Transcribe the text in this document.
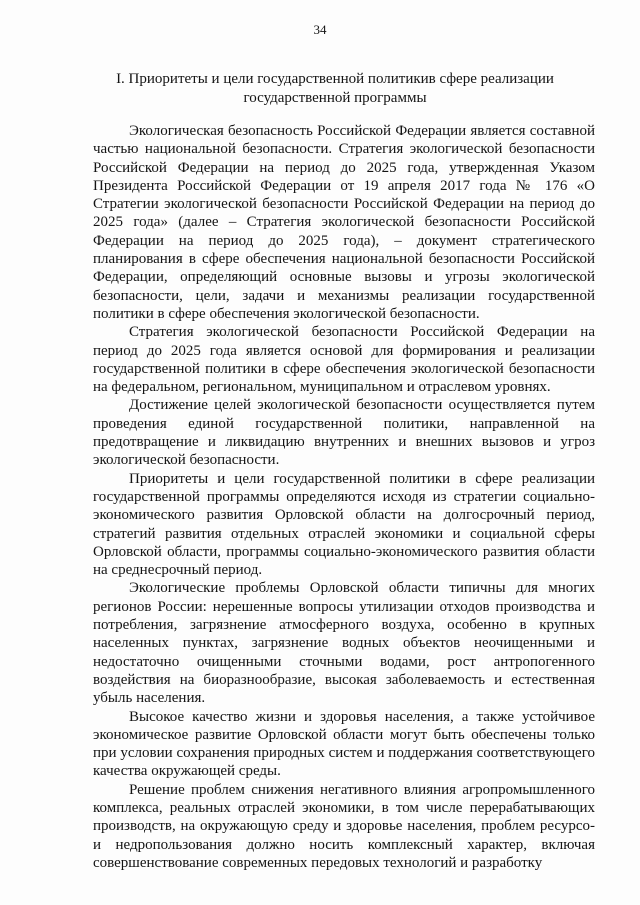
34
I. Приоритеты и цели государственной политикив сфере реализации государственной программы

Экологическая безопасность Российской Федерации является составной частью национальной безопасности. Стратегия экологической безопасности Российской Федерации на период до 2025 года, утвержденная Указом Президента Российской Федерации от 19 апреля 2017 года № 176 «О Стратегии экологической безопасности Российской Федерации на период до 2025 года» (далее – Стратегия экологической безопасности Российской Федерации на период до 2025 года), – документ стратегического планирования в сфере обеспечения национальной безопасности Российской Федерации, определяющий основные вызовы и угрозы экологической безопасности, цели, задачи и механизмы реализации государственной политики в сфере обеспечения экологической безопасности.

Стратегия экологической безопасности Российской Федерации на период до 2025 года является основой для формирования и реализации государственной политики в сфере обеспечения экологической безопасности на федеральном, региональном, муниципальном и отраслевом уровнях.

Достижение целей экологической безопасности осуществляется путем проведения единой государственной политики, направленной на предотвращение и ликвидацию внутренних и внешних вызовов и угроз экологической безопасности.

Приоритеты и цели государственной политики в сфере реализации государственной программы определяются исходя из стратегии социально-экономического развития Орловской области на долгосрочный период, стратегий развития отдельных отраслей экономики и социальной сферы Орловской области, программы социально-экономического развития области на среднесрочный период.

Экологические проблемы Орловской области типичны для многих регионов России: нерешенные вопросы утилизации отходов производства и потребления, загрязнение атмосферного воздуха, особенно в крупных населенных пунктах, загрязнение водных объектов неочищенными и недостаточно очищенными сточными водами, рост антропогенного воздействия на биоразнообразие, высокая заболеваемость и естественная убыль населения.

Высокое качество жизни и здоровья населения, а также устойчивое экономическое развитие Орловской области могут быть обеспечены только при условии сохранения природных систем и поддержания соответствующего качества окружающей среды.

Решение проблем снижения негативного влияния агропромышленного комплекса, реальных отраслей экономики, в том числе перерабатывающих производств, на окружающую среду и здоровье населения, проблем ресурсо- и недропользования должно носить комплексный характер, включая совершенствование современных передовых технологий и разработку
